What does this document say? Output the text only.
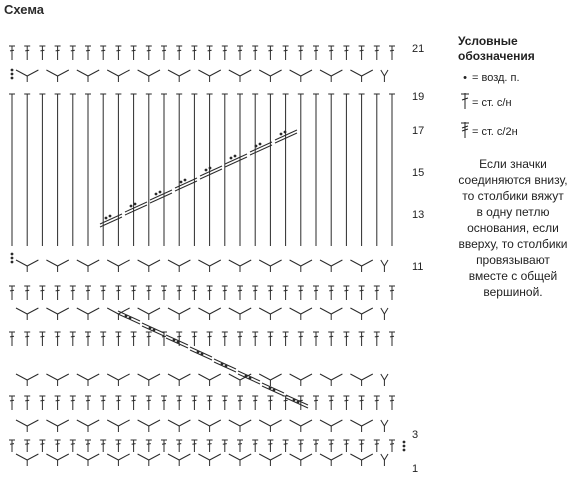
Схема
21
19
17
15
13
11
3
1
Условные обозначения
• = возд. п.
= ст. с/н
= ст. с/2н
Если значки соединяются внизу, то столбики вяжут в одну петлю основания, если вверху, то столбики провязывают вместе с общей вершиной.
